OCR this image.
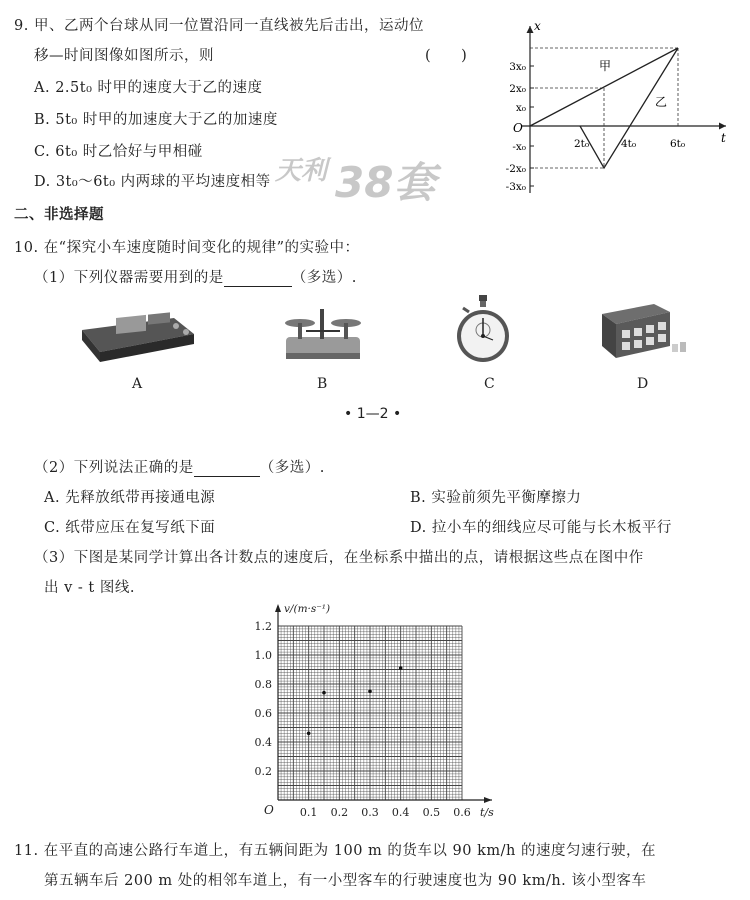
9. 甲、乙两个台球从同一位置沿同一直线被先后击出，运动位
移—时间图像如图所示，则	(　　)
A. 2.5t₀ 时甲的速度大于乙的速度
B. 5t₀ 时甲的加速度大于乙的加速度
C. 6t₀ 时乙恰好与甲相碰
D. 3t₀～6t₀ 内两球的平均速度相等
x
t
O
3x₀
2x₀
x₀
-x₀
-2x₀
-3x₀
2t₀	4t₀	6t₀
甲
乙
天利 38套
二、非选择题
10. 在“探究小车速度随时间变化的规律”的实验中：
（1）下列仪器需要用到的是	（多选）.
A	B	C	D
• 1—2 •
（2）下列说法正确的是	（多选）.
A. 先释放纸带再接通电源	B. 实验前须先平衡摩擦力
C. 纸带应压在复写纸下面	D. 拉小车的细线应尽可能与长木板平行
（3）下图是某同学计算出各计数点的速度后，在坐标系中描出的点，请根据这些点在图中作
出 v - t 图线.
0.1 0.2 0.3 0.4 0.5 0.6
1.2
1.0
0.8
0.6
0.4
0.2
O
v/(m·s⁻¹)
t/s
11. 在平直的高速公路行车道上，有五辆间距为 100 m 的货车以 90 km/h 的速度匀速行驶，在
第五辆车后 200 m 处的相邻车道上，有一小型客车的行驶速度也为 90 km/h. 该小型客车
